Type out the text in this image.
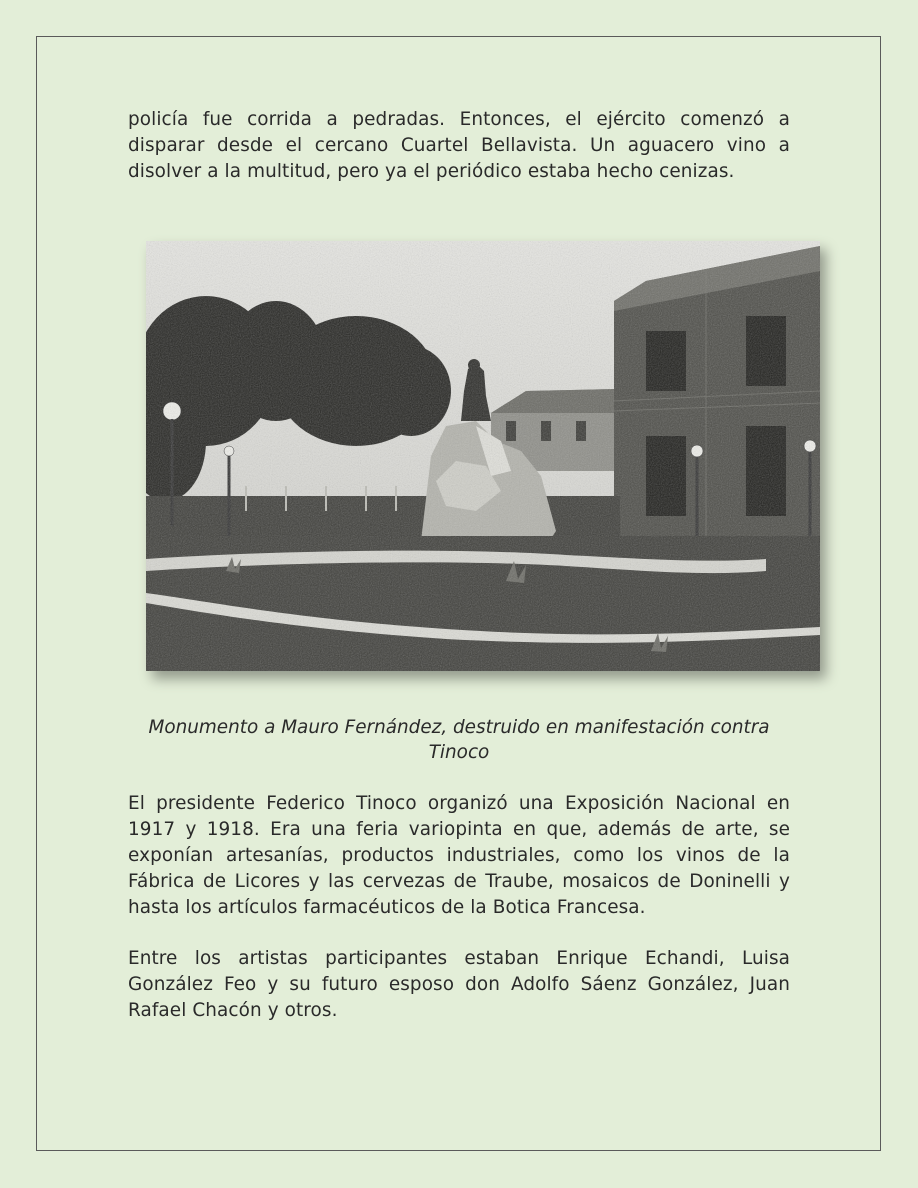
policía fue corrida a pedradas. Entonces, el ejército comenzó a disparar desde el cercano Cuartel Bellavista. Un aguacero vino a disolver a la multitud, pero ya el periódico estaba hecho cenizas.

Monumento a Mauro Fernández, destruido en manifestación contra Tinoco

El presidente Federico Tinoco organizó una Exposición Nacional en 1917 y 1918. Era una feria variopinta en que, además de arte, se exponían artesanías, productos industriales, como los vinos de la Fábrica de Licores y las cervezas de Traube, mosaicos de Doninelli y hasta los artículos farmacéuticos de la Botica Francesa.

Entre los artistas participantes estaban Enrique Echandi, Luisa González Feo y su futuro esposo don Adolfo Sáenz González, Juan Rafael Chacón y otros.
